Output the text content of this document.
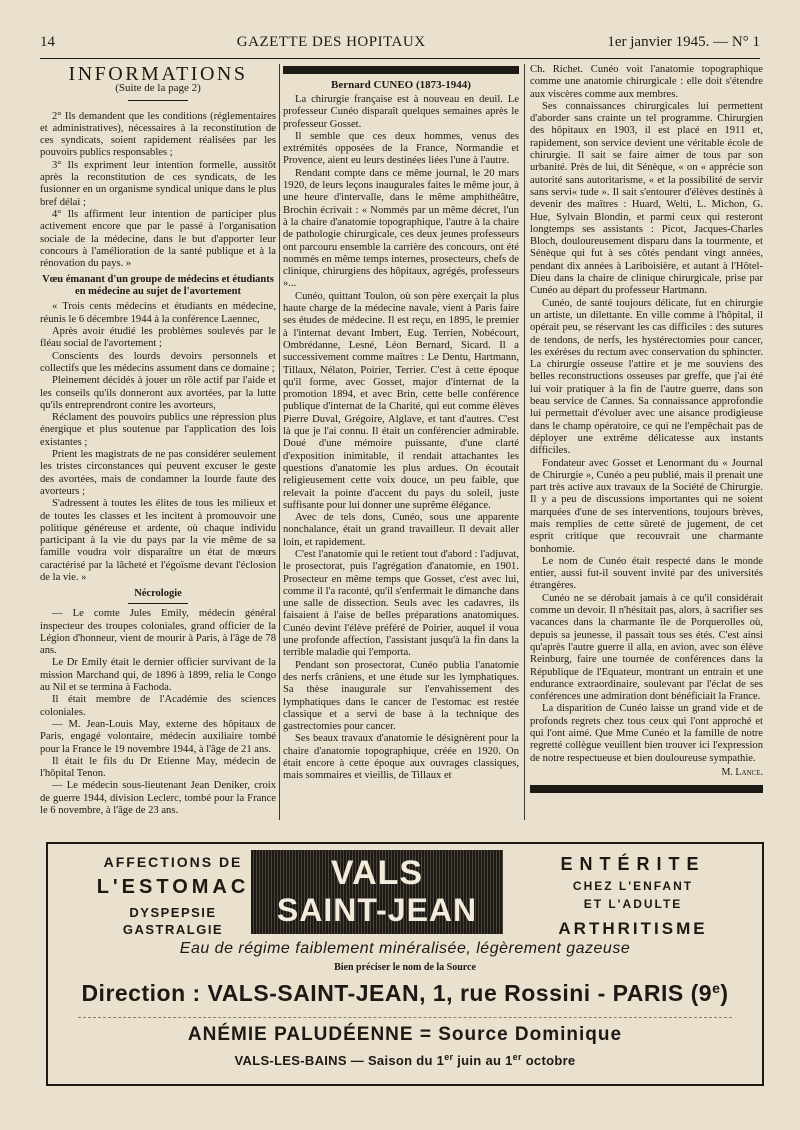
14	GAZETTE DES HOPITAUX	1er janvier 1945. — N° 1
INFORMATIONS
(Suite de la page 2)

2° Ils demandent que les conditions (réglementaires et administratives), nécessaires à la reconstitution de ces syndicats, soient rapidement réalisées par les pouvoirs publics responsables ;

3° Ils expriment leur intention formelle, aussitôt après la reconstitution de ces syndicats, de les fusionner en un organisme syndical unique dans le plus bref délai ;

4° Ils affirment leur intention de participer plus activement encore que par le passé à l'organisation sociale de la médecine, dans le but d'apporter leur concours à l'amélioration de la santé publique et à la rénovation du pays. »

Vœu émanant d'un groupe de médecins et étudiants en médecine au sujet de l'avortement

« Trois cents médecins et étudiants en médecine, réunis le 6 décembre 1944 à la conférence Laennec,

Après avoir étudié les problèmes soulevés par le fléau social de l'avortement ;

Conscients des lourds devoirs personnels et collectifs que les médecins assument dans ce domaine ;

Pleinement décidés à jouer un rôle actif par l'aide et les conseils qu'ils donneront aux avortées, par la lutte qu'ils entreprendront contre les avorteurs,

Réclament des pouvoirs publics une répression plus énergique et plus soutenue par l'application des lois existantes ;

Prient les magistrats de ne pas considérer seulement les tristes circonstances qui peuvent excuser le geste des avortées, mais de condamner la lourde faute des avorteurs ;

S'adressent à toutes les élites de tous les milieux et de toutes les classes et les incitent à promouvoir une politique généreuse et ardente, où chaque individu participant à la vie du pays par la vie même de sa famille voudra voir disparaître un état de mœurs caractérisé par la lâcheté et l'égoïsme devant l'éclosion de la vie. »

Nécrologie

— Le comte Jules Emily, médecin général inspecteur des troupes coloniales, grand officier de la Légion d'honneur, vient de mourir à Paris, à l'âge de 78 ans.

Le Dr Emily était le dernier officier survivant de la mission Marchand qui, de 1896 à 1899, relia le Congo au Nil et se termina à Fachoda.

Il était membre de l'Académie des sciences coloniales.

— M. Jean-Louis May, externe des hôpitaux de Paris, engagé volontaire, médecin auxiliaire tombé pour la France le 19 novembre 1944, à l'âge de 21 ans.

Il était le fils du Dr Etienne May, médecin de l'hôpital Tenon.

— Le médecin sous-lieutenant Jean Deniker, croix de guerre 1944, division Leclerc, tombé pour la France le 6 novembre, à l'âge de 23 ans.

Bernard CUNEO (1873-1944)

La chirurgie française est à nouveau en deuil. Le professeur Cunéo disparaît quelques semaines après le professeur Gosset.

Il semble que ces deux hommes, venus des extrémités opposées de la France, Normandie et Provence, aient eu leurs destinées liées l'une à l'autre.

Rendant compte dans ce même journal, le 20 mars 1920, de leurs leçons inaugurales faites le même jour, à une heure d'intervalle, dans le même amphithéâtre, Brochin écrivait : « Nommés par un même décret, l'un à la chaire d'anatomie topographique, l'autre à la chaire de pathologie chirurgicale, ces deux jeunes professeurs ont parcouru ensemble la carrière des concours, ont été nommés en même temps internes, prosecteurs, chefs de clinique, chirurgiens des hôpitaux, agrégés, professeurs »...

Cunéo, quittant Toulon, où son père exerçait la plus haute charge de la médecine navale, vient à Paris faire ses études de médecine. Il est reçu, en 1895, le premier à l'internat devant Imbert, Eug. Terrien, Nobécourt, Ombrédanne, Lesné, Léon Bernard, Sicard. Il a successivement comme maîtres : Le Dentu, Hartmann, Tillaux, Nélaton, Poirier, Terrier. C'est à cette époque qu'il forme, avec Gosset, major d'internat de la promotion 1894, et avec Brin, cette belle conférence publique d'internat de la Charité, qui eut comme élèves Pierre Duval, Grégoire, Alglave, et tant d'autres. C'est là que je l'ai connu. Il était un conférencier admirable. Doué d'une mémoire puissante, d'une clarté d'exposition inimitable, il rendait attachantes les questions d'anatomie les plus ardues. On écoutait religieusement cette voix douce, un peu faible, que relevait la pointe d'accent du pays du soleil, juste suffisante pour lui donner une suprême élégance.

Avec de tels dons, Cunéo, sous une apparente nonchalance, était un grand travailleur. Il devait aller loin, et rapidement.

C'est l'anatomie qui le retient tout d'abord : l'adjuvat, le prosectorat, puis l'agrégation d'anatomie, en 1901. Prosecteur en même temps que Gosset, c'est avec lui, comme il l'a raconté, qu'il s'enfermait le dimanche dans une salle de dissection. Seuls avec les cadavres, ils faisaient à l'aise de belles préparations anatomiques. Cunéo devint l'élève préféré de Poirier, auquel il voua une profonde affection, l'assistant jusqu'à la fin dans la terrible maladie qui l'emporta.

Pendant son prosectorat, Cunéo publia l'anatomie des nerfs crâniens, et une étude sur les lymphatiques. Sa thèse inaugurale sur l'envahissement des lymphatiques dans le cancer de l'estomac est restée classique et a servi de base à la technique des gastrectomies pour cancer.

Ses beaux travaux d'anatomie le désignèrent pour la chaire d'anatomie topographique, créée en 1920. On était encore à cette époque aux ouvrages classiques, mais sommaires et vieillis, de Tillaux et

Ch. Richet. Cunéo voit l'anatomie topographique comme une anatomie chirurgicale : elle doit s'étendre aux viscères comme aux membres.

Ses connaissances chirurgicales lui permettent d'aborder sans crainte un tel programme. Chirurgien des hôpitaux en 1903, il est placé en 1911 et, rapidement, son service devient une véritable école de chirurgie. Il sait se faire aimer de tous par son urbanité. Près de lui, dit Sénèque, « on « apprécie son autorité sans autoritarisme, « et la possibilité de servir sans servi« tude ». Il sait s'entourer d'élèves destinés à devenir des maîtres : Huard, Welti, L. Michon, G. Hue, Sylvain Blondin, et parmi ceux qui resteront longtemps ses assistants : Picot, Jacques-Charles Bloch, douloureusement disparu dans la tourmente, et Sénèque qui fut à ses côtés pendant vingt années, pendant dix années à Lariboisière, et autant à l'Hôtel-Dieu dans la chaire de clinique chirurgicale, prise par Cunéo au départ du professeur Hartmann.

Cunéo, de santé toujours délicate, fut en chirurgie un artiste, un dilettante. En ville comme à l'hôpital, il opérait peu, se réservant les cas difficiles : des sutures de tendons, de nerfs, les hystérectomies pour cancer, les exérèses du rectum avec conservation du sphincter. La chirurgie osseuse l'attire et je me souviens des belles reconstructions osseuses par greffe, que j'ai été lui voir pratiquer à la fin de l'autre guerre, dans son beau service de Cannes. Sa connaissance approfondie lui permettait d'évoluer avec une aisance prodigieuse dans le champ opératoire, ce qui ne l'empêchait pas de déployer une extrême délicatesse aux instants difficiles.

Fondateur avec Gosset et Lenormant du « Journal de Chirurgie », Cunéo a peu publié, mais il prenait une part très active aux travaux de la Société de Chirurgie. Il y a peu de discussions importantes qui ne soient marquées d'une de ses interventions, toujours brèves, mais remplies de cette sûreté de jugement, de cet esprit critique que recouvrait une charmante bonhomie.

Le nom de Cunéo était respecté dans le monde entier, aussi fut-il souvent invité par des universités étrangères.

Cunéo ne se dérobait jamais à ce qu'il considérait comme un devoir. Il n'hésitait pas, alors, à sacrifier ses vacances dans la charmante île de Porquerolles où, depuis sa jeunesse, il passait tous ses étés. C'est ainsi qu'après l'autre guerre il alla, en avion, avec son élève Reinburg, faire une tournée de conférences dans la République de l'Equateur, montrant un entrain et une endurance extraordinaire, soulevant par l'éclat de ses conférences une admiration dont bénéficiait la France.

La disparition de Cunéo laisse un grand vide et de profonds regrets chez tous ceux qui l'ont approché et qui l'ont aimé. Que Mme Cunéo et la famille de notre regretté collègue veuillent bien trouver ici l'expression de notre respectueuse et bien douloureuse sympathie.

M. Lance.
AFFECTIONS DE
L'ESTOMAC
DYSPEPSIE
GASTRALGIE
VALS
SAINT-JEAN
ENTÉRITE
CHEZ L'ENFANT
ET L'ADULTE
ARTHRITISME
Eau de régime faiblement minéralisée, légèrement gazeuse
Bien préciser le nom de la Source
Direction : VALS-SAINT-JEAN, 1, rue Rossini - PARIS (9e)
ANÉMIE PALUDÉENNE = Source Dominique
VALS-LES-BAINS — Saison du 1er juin au 1er octobre
